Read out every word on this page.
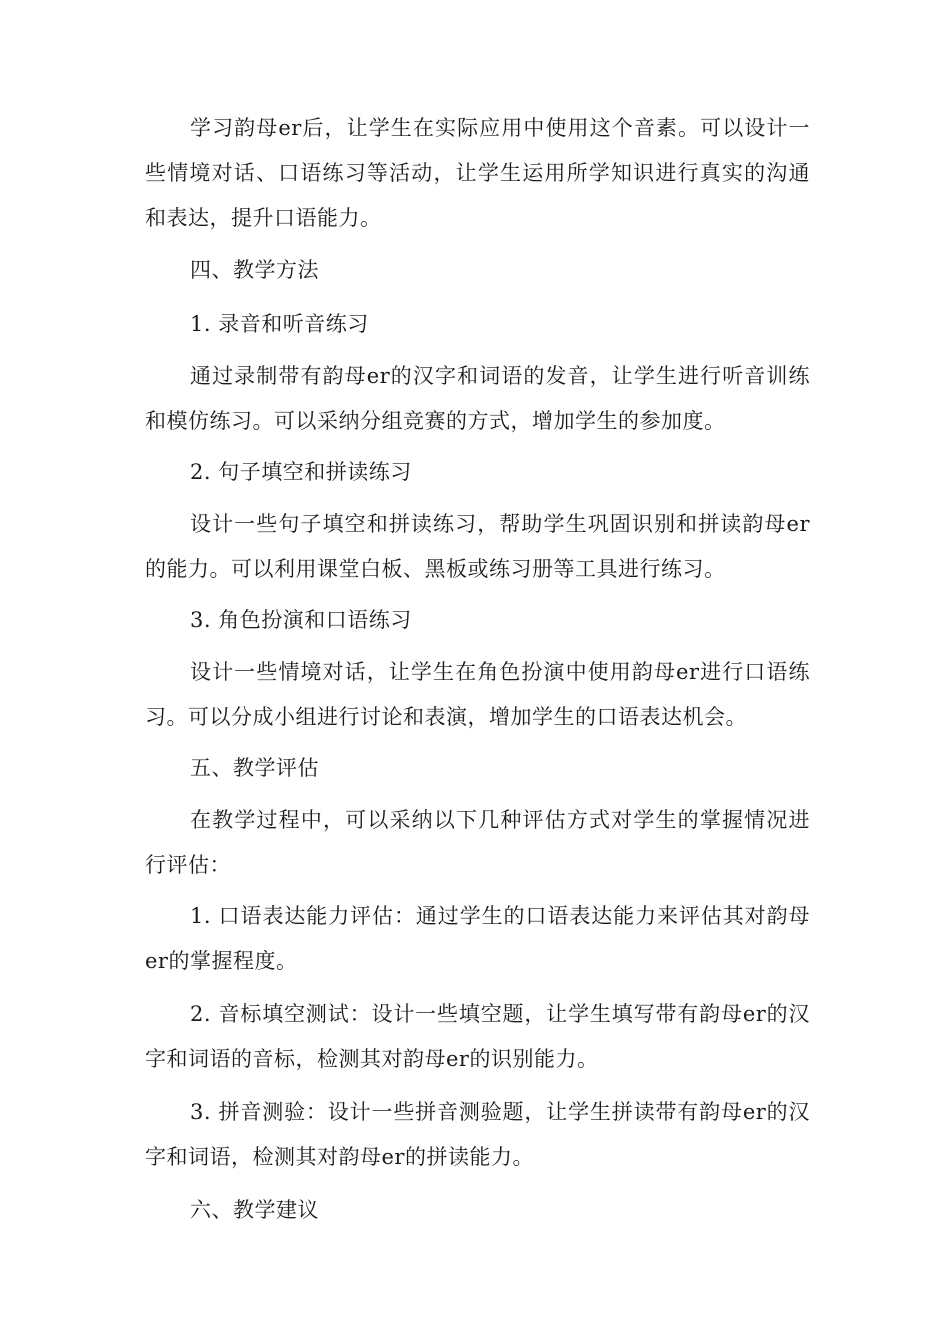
学习韵母er后，让学生在实际应用中使用这个音素。可以设计一些情境对话、口语练习等活动，让学生运用所学知识进行真实的沟通和表达，提升口语能力。

四、教学方法

1. 录音和听音练习

通过录制带有韵母er的汉字和词语的发音，让学生进行听音训练和模仿练习。可以采纳分组竞赛的方式，增加学生的参加度。

2. 句子填空和拼读练习

设计一些句子填空和拼读练习，帮助学生巩固识别和拼读韵母er的能力。可以利用课堂白板、黑板或练习册等工具进行练习。

3. 角色扮演和口语练习

设计一些情境对话，让学生在角色扮演中使用韵母er进行口语练习。可以分成小组进行讨论和表演，增加学生的口语表达机会。

五、教学评估

在教学过程中，可以采纳以下几种评估方式对学生的掌握情况进行评估：

1. 口语表达能力评估：通过学生的口语表达能力来评估其对韵母er的掌握程度。

2. 音标填空测试：设计一些填空题，让学生填写带有韵母er的汉字和词语的音标，检测其对韵母er的识别能力。

3. 拼音测验：设计一些拼音测验题，让学生拼读带有韵母er的汉字和词语，检测其对韵母er的拼读能力。

六、教学建议
